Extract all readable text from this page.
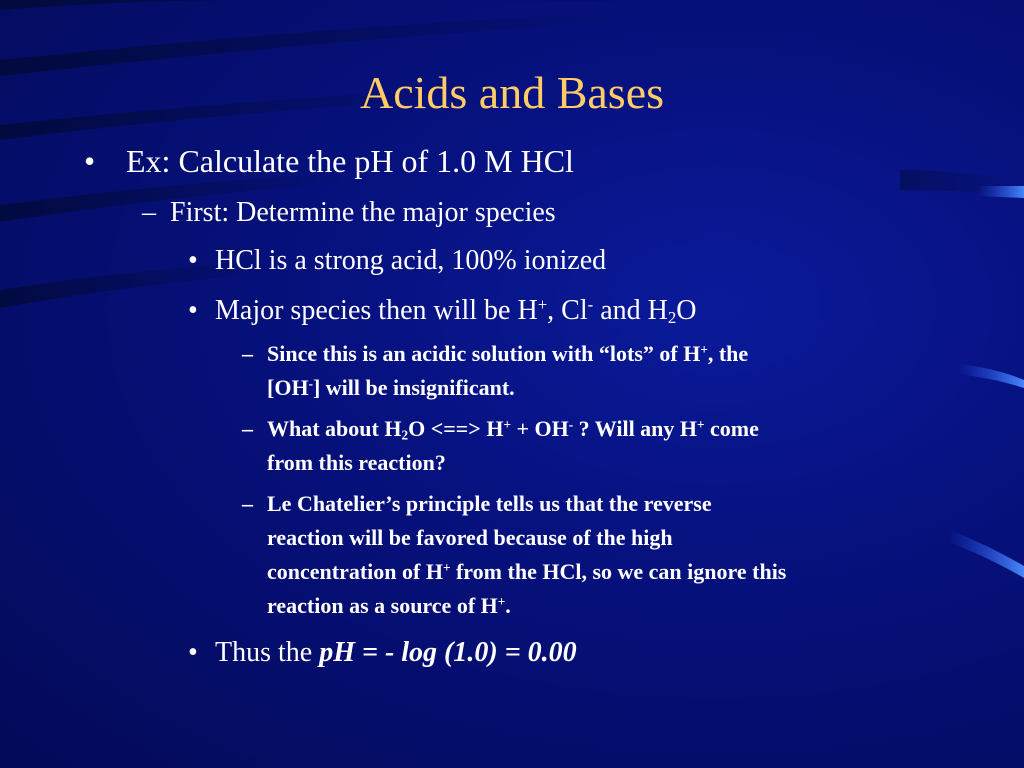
Acids and Bases
• Ex: Calculate the pH of 1.0 M HCl
– First: Determine the major species
• HCl is a strong acid, 100% ionized
• Major species then will be H+, Cl- and $H_2O$
– Since this is an acidic solution with “lots” of H+, the
[OH-] will be insignificant.
– What about $H_2O$ <==> H+ + OH- ? Will any H+ come
from this reaction?
– Le Chatelier’s principle tells us that the reverse
reaction will be favored because of the high
concentration of H+ from the HCl, so we can ignore this
reaction as a source of H+.
• Thus the pH = - log (1.0) = 0.00
